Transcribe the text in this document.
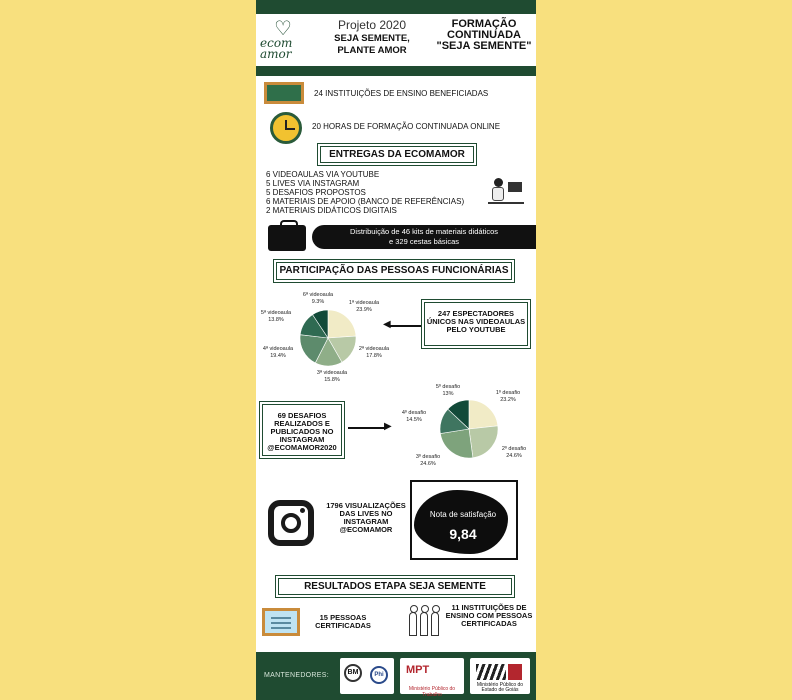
♡
ecom amor
Projeto 2020
SEJA SEMENTE,
PLANTE AMOR
FORMAÇÃO
CONTINUADA
"SEJA SEMENTE"
24 INSTITUIÇÕES DE ENSINO BENEFICIADAS
20 HORAS DE FORMAÇÃO CONTINUADA ONLINE
ENTREGAS DA ECOMAMOR
6 VIDEOAULAS VIA YOUTUBE
5 LIVES VIA INSTAGRAM
5 DESAFIOS PROPOSTOS
6 MATERIAIS DE APOIO (BANCO DE REFERÊNCIAS)
2 MATERIAIS DIDÁTICOS DIGITAIS
Distribuição de 46 kits de materiais didáticos
e 329 cestas básicas
PARTICIPAÇÃO DAS PESSOAS FUNCIONÁRIAS
1ª videoaula
23.9%
2ª videoaula
17.8%
3ª videoaula
15.8%
4ª videoaula
19.4%
5ª videoaula
13.8%
6ª videoaula
9.3%
◀
247 ESPECTADORES ÚNICOS NAS VIDEOAULAS PELO YOUTUBE
1º desafio
23.2%
2º desafio
24.6%
3º desafio
24.6%
4º desafio
14.5%
5º desafio
13%
69 DESAFIOS REALIZADOS E PUBLICADOS NO INSTAGRAM @ECOMAMOR2020
▶
1796 VISUALIZAÇÕES DAS LIVES NO INSTAGRAM @ECOMAMOR
Nota de satisfação
9,84
RESULTADOS ETAPA SEJA SEMENTE
15 PESSOAS CERTIFICADAS
11 INSTITUIÇÕES DE ENSINO COM PESSOAS CERTIFICADAS
MANTENEDORES:	BM	Phi	MPT
Ministério Público do Trabalho
Ministério Público do Estado de Goiás
